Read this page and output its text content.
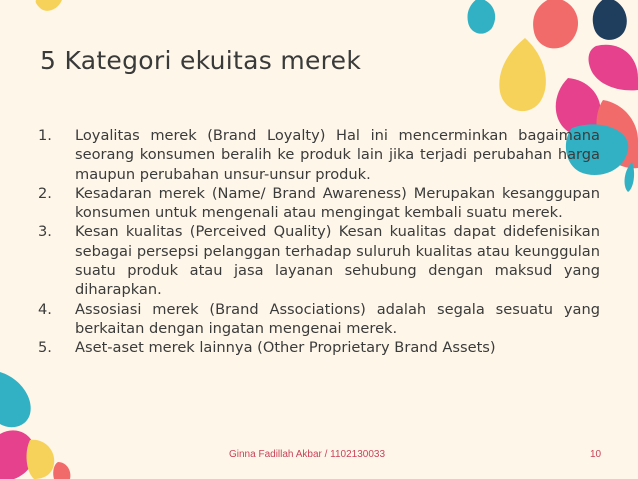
5 Kategori ekuitas merek
1. Loyalitas merek (Brand Loyalty) Hal ini mencerminkan bagaimana seorang konsumen beralih ke produk lain jika terjadi perubahan harga maupun perubahan unsur-unsur produk.
2. Kesadaran merek (Name/ Brand Awareness) Merupakan kesanggupan konsumen untuk mengenali atau mengingat kembali suatu merek.
3. Kesan kualitas (Perceived Quality) Kesan kualitas dapat didefenisikan sebagai persepsi pelanggan terhadap suluruh kualitas atau keunggulan suatu produk atau jasa layanan sehubung dengan maksud yang diharapkan.
4. Assosiasi merek (Brand Associations) adalah segala sesuatu yang berkaitan dengan ingatan mengenai merek.
5. Aset-aset merek lainnya (Other Proprietary Brand Assets)
Ginna Fadillah Akbar / 1102130033	10
